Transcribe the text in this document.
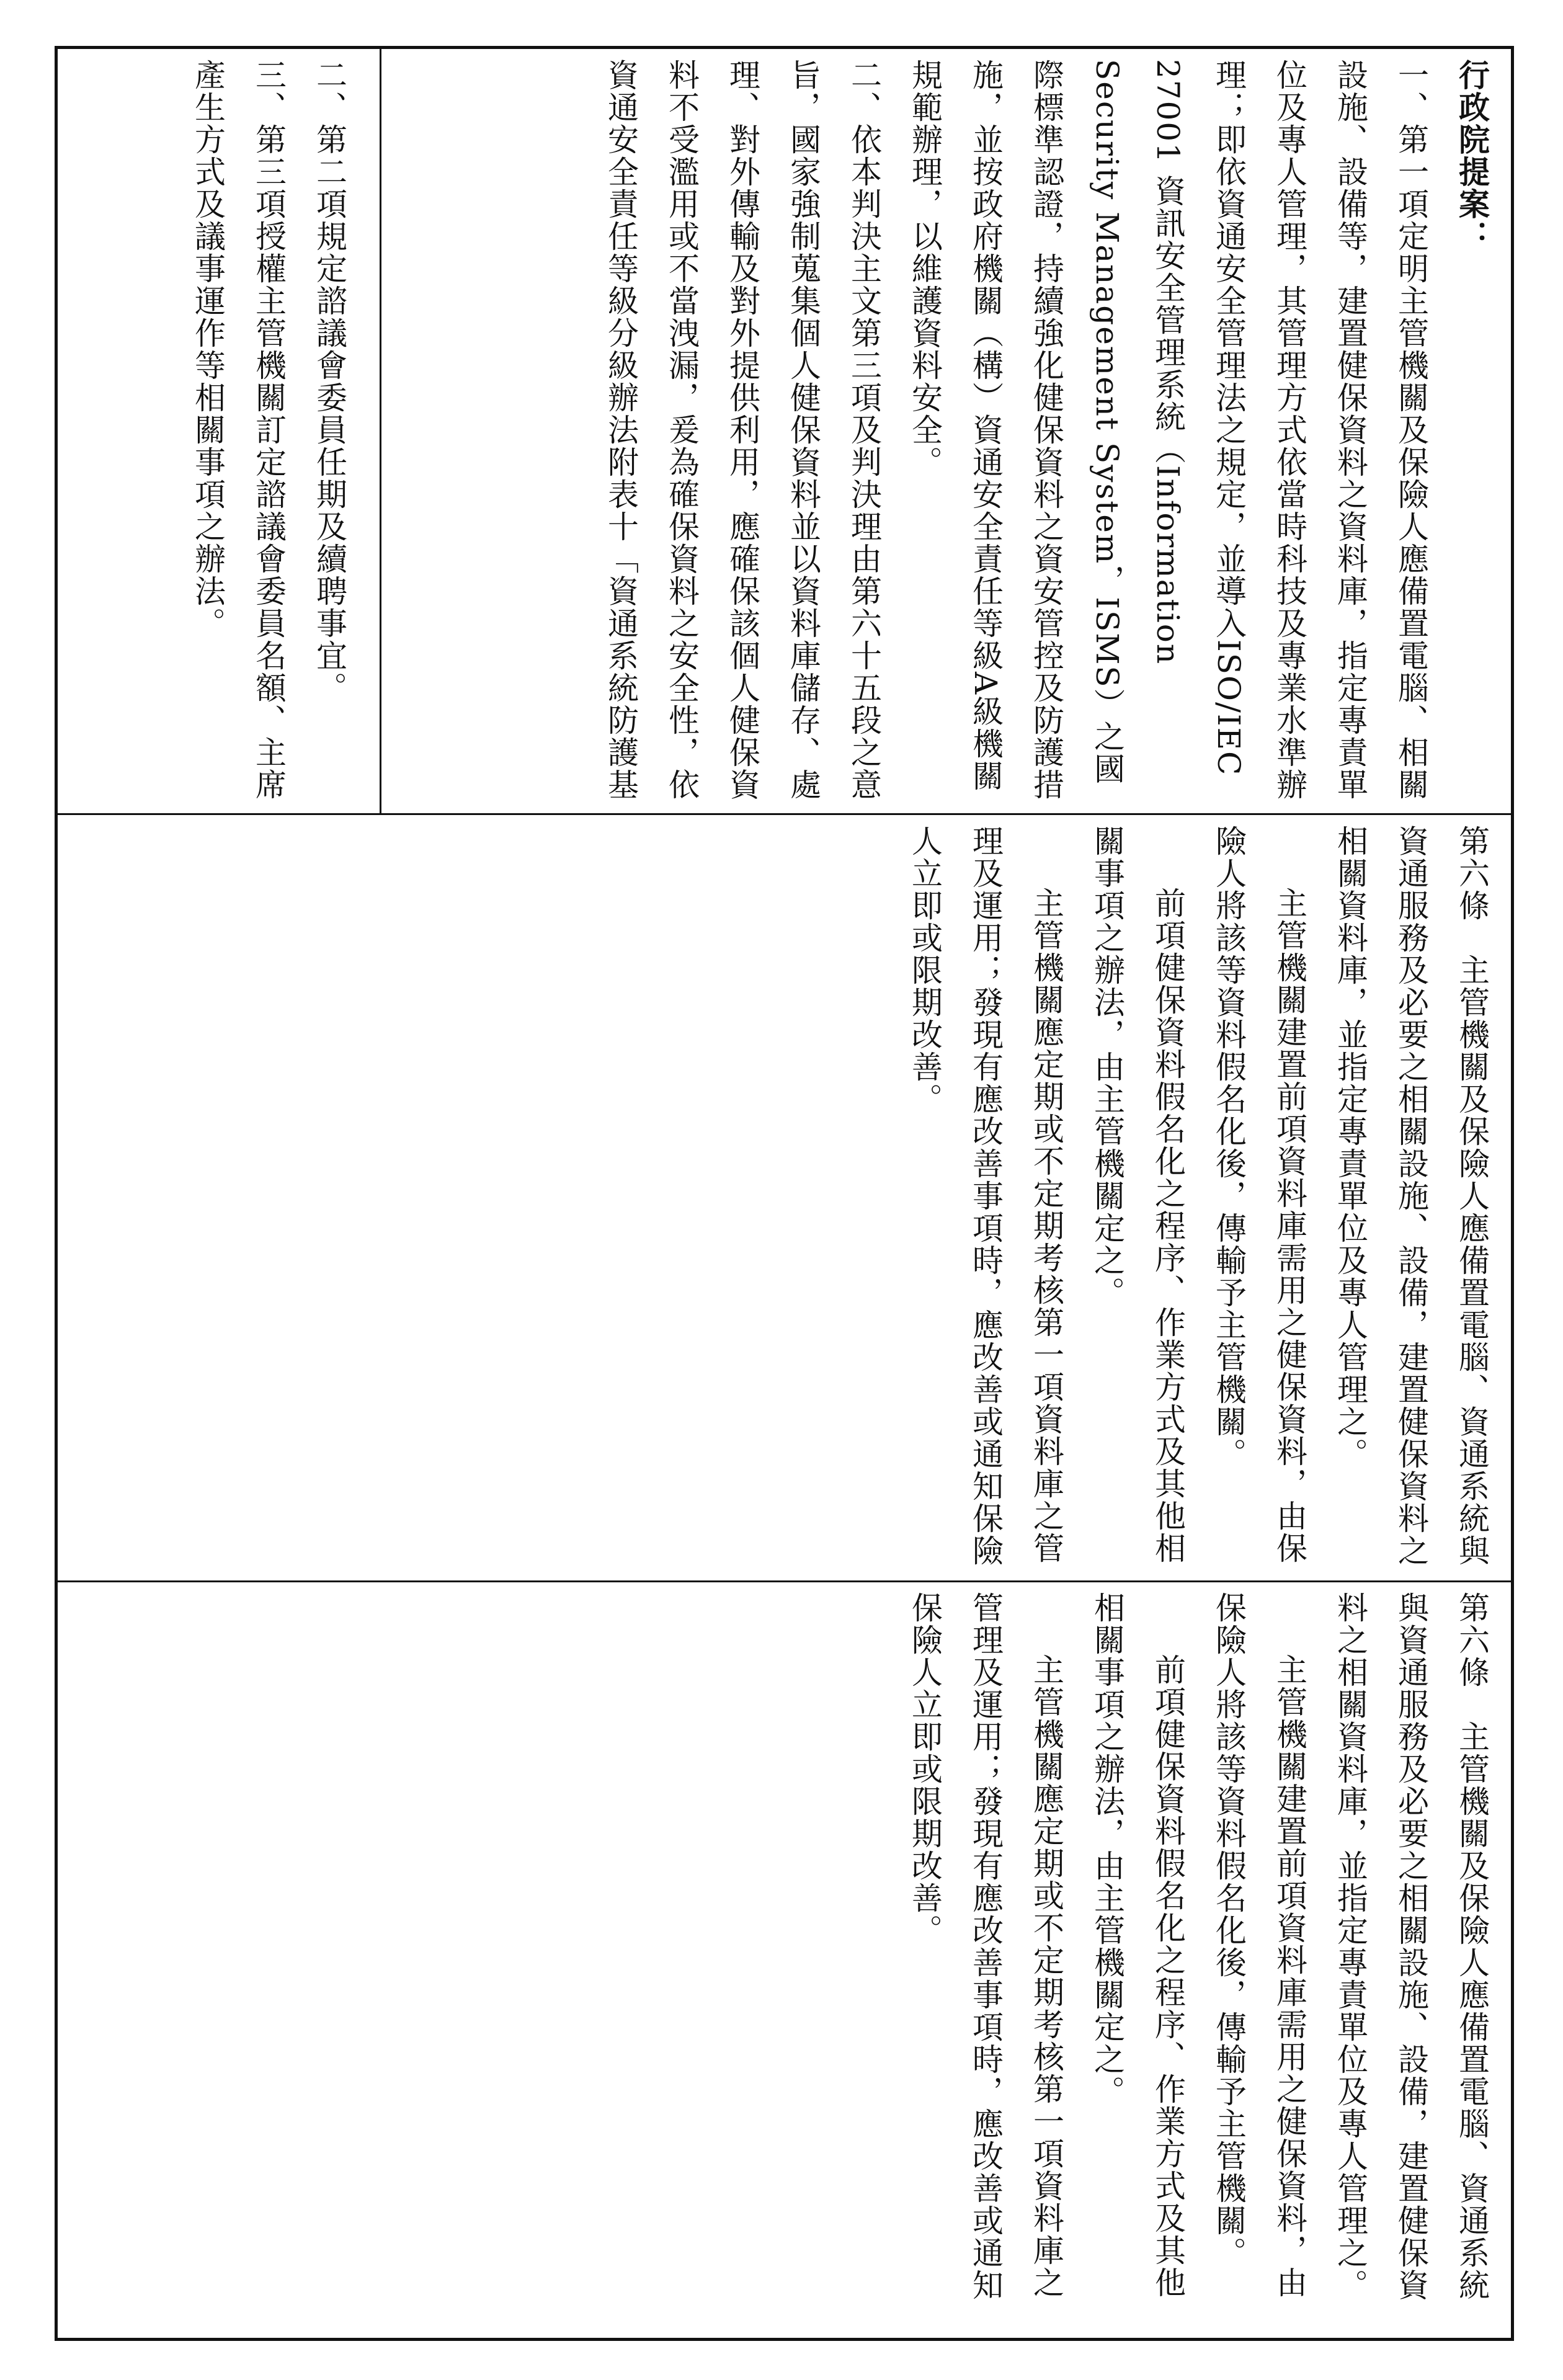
二、第二項規定諮議會委員任期及續聘事宜。

三、第三項授權主管機關訂定諮議會委員名額、主席產生方式及議事運作等相關事項之辦法。	行政院提案：

一、第一項定明主管機關及保險人應備置電腦、相關設施、設備等，建置健保資料之資料庫，指定專責單位及專人管理，其管理方式依當時科技及專業水準辦理；即依資通安全管理法之規定，並導入ISO/IEC 27001 資訊安全管理系統（Information Security Management System，ISMS）之國際標準認證，持續強化健保資料之資安管控及防護措施，並按政府機關（構）資通安全責任等級A級機關規範辦理，以維護資料安全。

二、依本判決主文第三項及判決理由第六十五段之意旨，國家強制蒐集個人健保資料並以資料庫儲存、處理、對外傳輸及對外提供利用，應確保該個人健保資料不受濫用或不當洩漏，爰為確保資料之安全性，依資通安全責任等級分級辦法附表十「資通系統防護基

第六條　主管機關及保險人應備置電腦、資通系統與資通服務及必要之相關設施、設備，建置健保資料之相關資料庫，並指定專責單位及專人管理之。

主管機關建置前項資料庫需用之健保資料，由保險人將該等資料假名化後，傳輸予主管機關。

前項健保資料假名化之程序、作業方式及其他相關事項之辦法，由主管機關定之。

主管機關應定期或不定期考核第一項資料庫之管理及運用；發現有應改善事項時，應改善或通知保險人立即或限期改善。

第六條　主管機關及保險人應備置電腦、資通系統與資通服務及必要之相關設施、設備，建置健保資料之相關資料庫，並指定專責單位及專人管理之。

主管機關建置前項資料庫需用之健保資料，由保險人將該等資料假名化後，傳輸予主管機關。

前項健保資料假名化之程序、作業方式及其他相關事項之辦法，由主管機關定之。

主管機關應定期或不定期考核第一項資料庫之管理及運用；發現有應改善事項時，應改善或通知保險人立即或限期改善。
